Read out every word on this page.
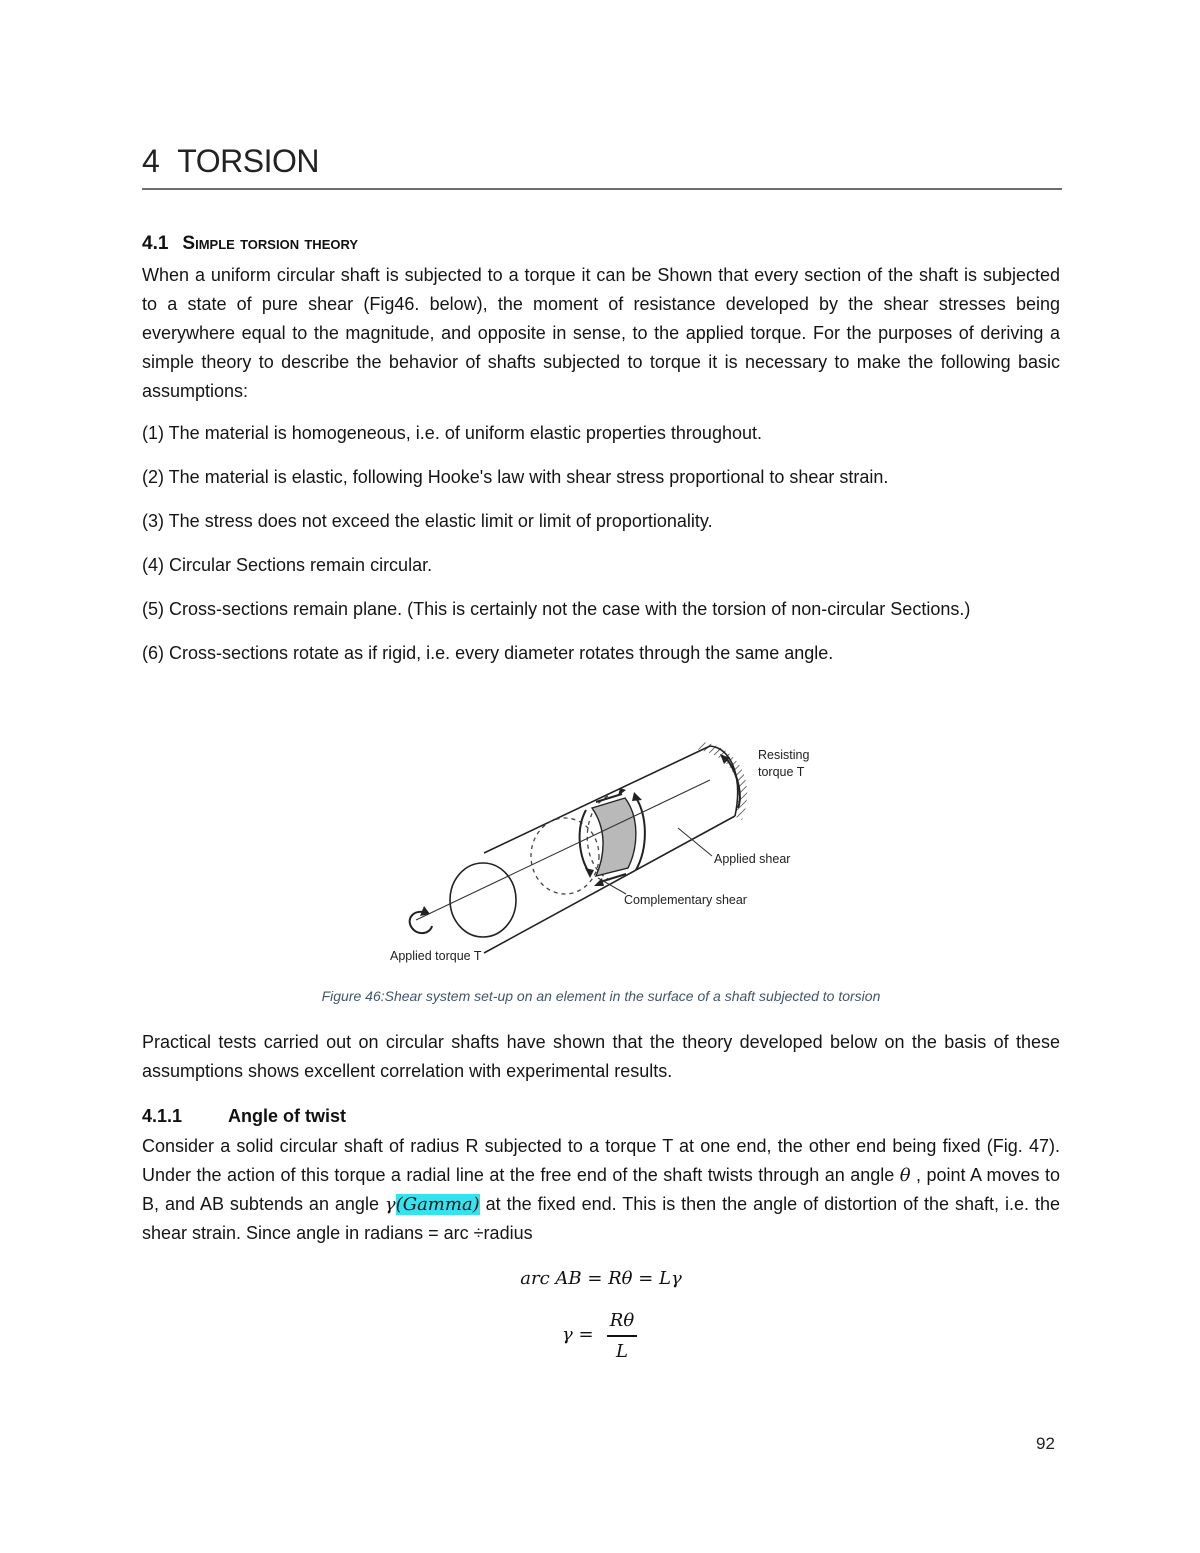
4 TORSION
4.1 Simple torsion theory
When a uniform circular shaft is subjected to a torque it can be Shown that every section of the shaft is subjected to a state of pure shear (Fig46. below), the moment of resistance developed by the shear stresses being everywhere equal to the magnitude, and opposite in sense, to the applied torque. For the purposes of deriving a simple theory to describe the behavior of shafts subjected to torque it is necessary to make the following basic assumptions:
(1) The material is homogeneous, i.e. of uniform elastic properties throughout.
(2) The material is elastic, following Hooke's law with shear stress proportional to shear strain.
(3) The stress does not exceed the elastic limit or limit of proportionality.
(4) Circular Sections remain circular.
(5) Cross-sections remain plane. (This is certainly not the case with the torsion of non-circular Sections.)
(6) Cross-sections rotate as if rigid, i.e. every diameter rotates through the same angle.
Resisting
torque T
Applied shear
Complementary shear
Applied torque T
Figure 46:Shear system set-up on an element in the surface of a shaft subjected to torsion
Practical tests carried out on circular shafts have shown that the theory developed below on the basis of these assumptions shows excellent correlation with experimental results.
4.1.1	Angle of twist
Consider a solid circular shaft of radius R subjected to a torque T at one end, the other end being fixed (Fig. 47). Under the action of this torque a radial line at the free end of the shaft twists through an angle θ , point A moves to B, and AB subtends an angle γ(Gamma) at the fixed end. This is then the angle of distortion of the shaft, i.e. the shear strain. Since angle in radians = arc ÷radius
arc AB = Rθ = Lγ
γ =
Rθ
L
92
